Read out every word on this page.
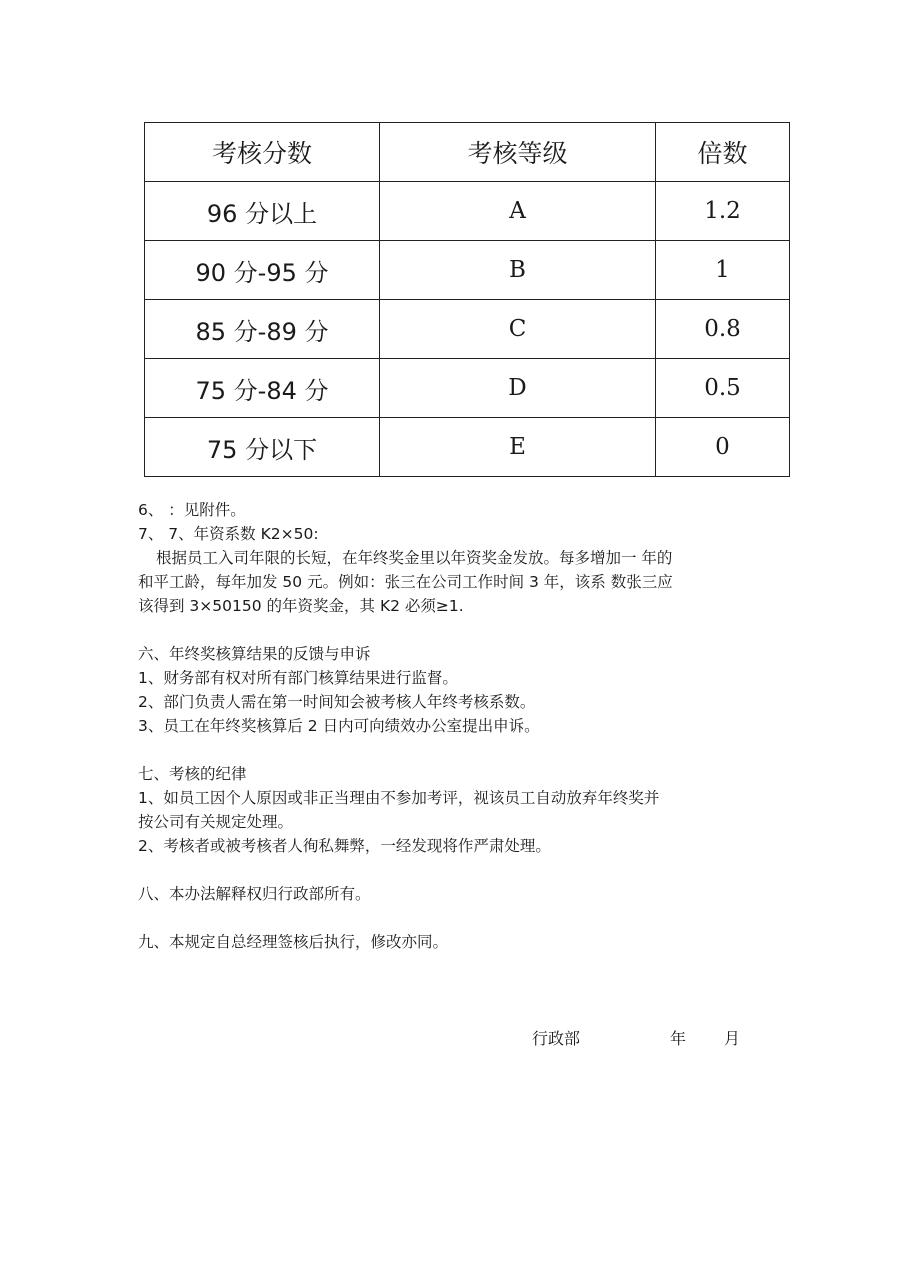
考核分数	考核等级	倍数
96 分以上	A	1.2
90 分-95 分	B	1
85 分-89 分	C	0.8
75 分-84 分	D	0.5
75 分以下	E	0

6、 ：见附件。

7、 7、年资系数 K2×50:

根据员工入司年限的长短，在年终奖金里以年资奖金发放。每多增加一 年的

和平工龄，每年加发 50 元。例如：张三在公司工作时间 3 年，该系 数张三应

该得到 3×50150 的年资奖金，其 K2 必须≥1.

六、年终奖核算结果的反馈与申诉

1、财务部有权对所有部门核算结果进行监督。

2、部门负责人需在第一时间知会被考核人年终考核系数。

3、员工在年终奖核算后 2 日内可向绩效办公室提出申诉。

七、考核的纪律

1、如员工因个人原因或非正当理由不参加考评，视该员工自动放弃年终奖并

按公司有关规定处理。

2、考核者或被考核者人徇私舞弊，一经发现将作严肃处理。

八、本办法解释权归行政部所有。

九、本规定自总经理签核后执行，修改亦同。

行政部	年 月
